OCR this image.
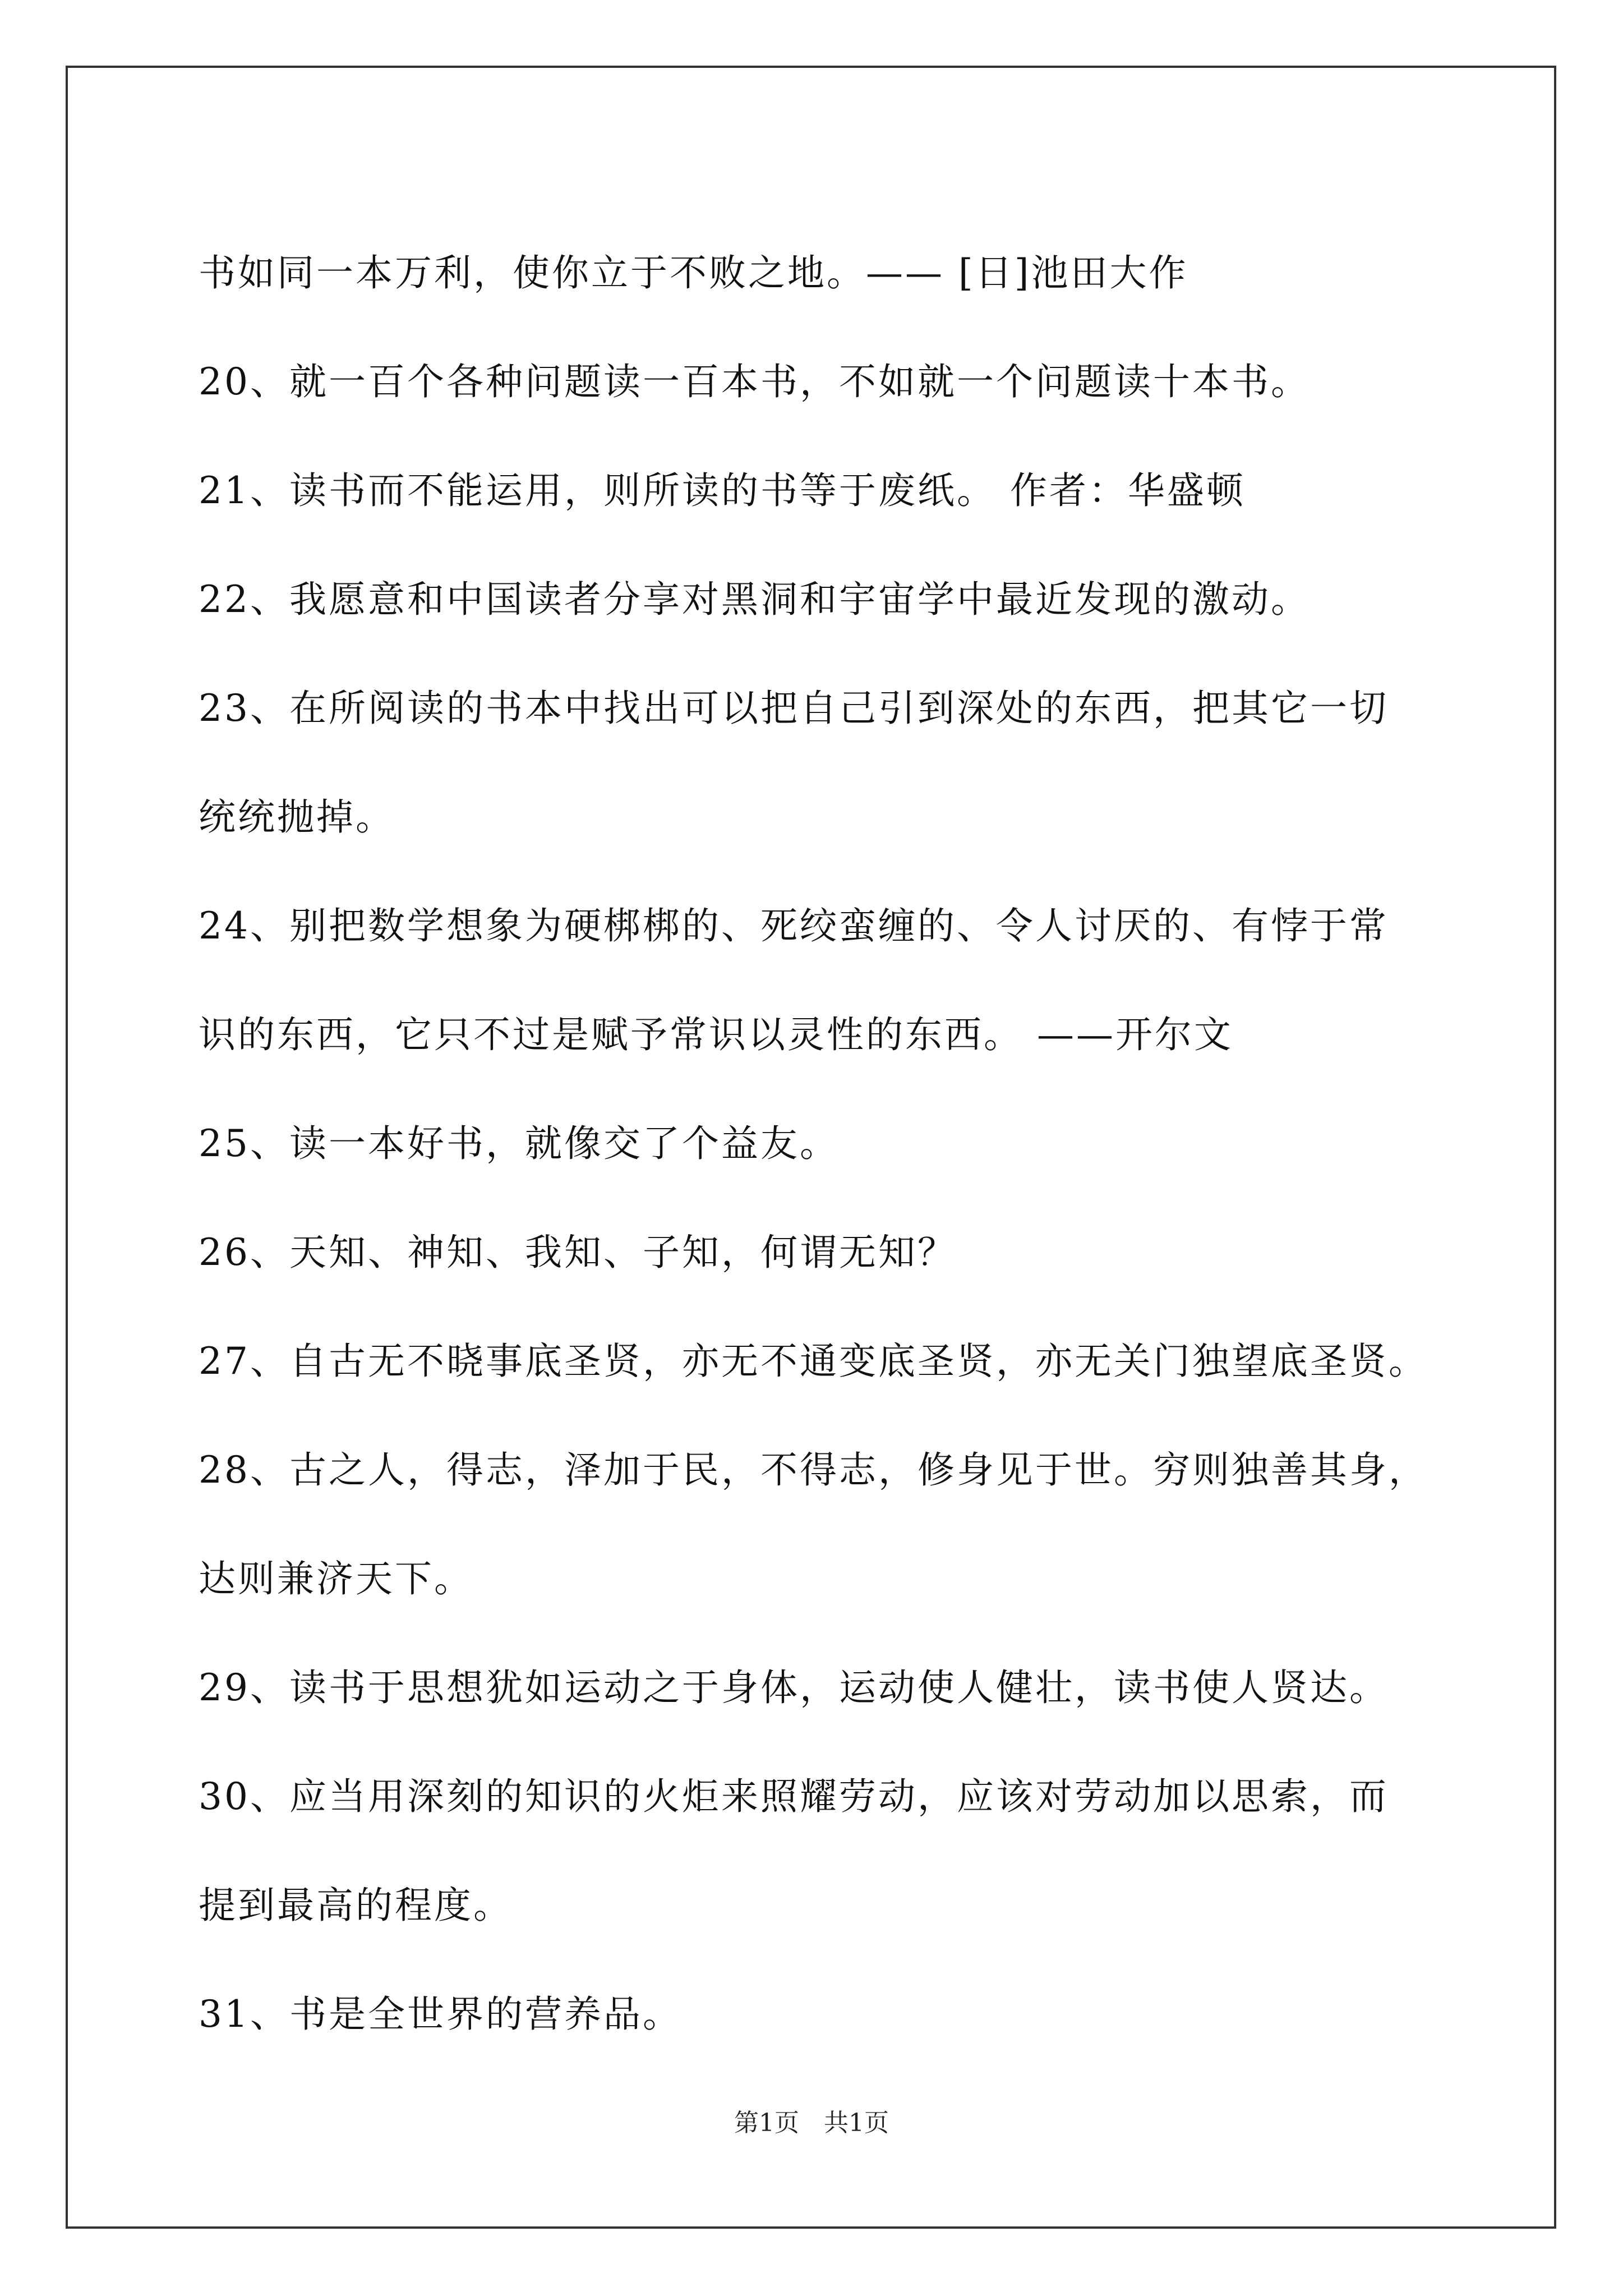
书如同一本万利，使你立于不败之地。—— [日]池田大作
20、就一百个各种问题读一百本书，不如就一个问题读十本书。
21、读书而不能运用，则所读的书等于废纸。 作者：华盛顿
22、我愿意和中国读者分享对黑洞和宇宙学中最近发现的激动。
23、在所阅读的书本中找出可以把自己引到深处的东西，把其它一切
统统抛掉。
24、别把数学想象为硬梆梆的、死绞蛮缠的、令人讨厌的、有悖于常
识的东西，它只不过是赋予常识以灵性的东西。 ——开尔文
25、读一本好书，就像交了个益友。
26、天知、神知、我知、子知，何谓无知？
27、自古无不晓事底圣贤，亦无不通变底圣贤，亦无关门独望底圣贤。
28、古之人，得志，泽加于民，不得志，修身见于世。穷则独善其身，
达则兼济天下。
29、读书于思想犹如运动之于身体，运动使人健壮，读书使人贤达。
30、应当用深刻的知识的火炬来照耀劳动，应该对劳动加以思索，而
提到最高的程度。
31、书是全世界的营养品。
第1页　共1页
